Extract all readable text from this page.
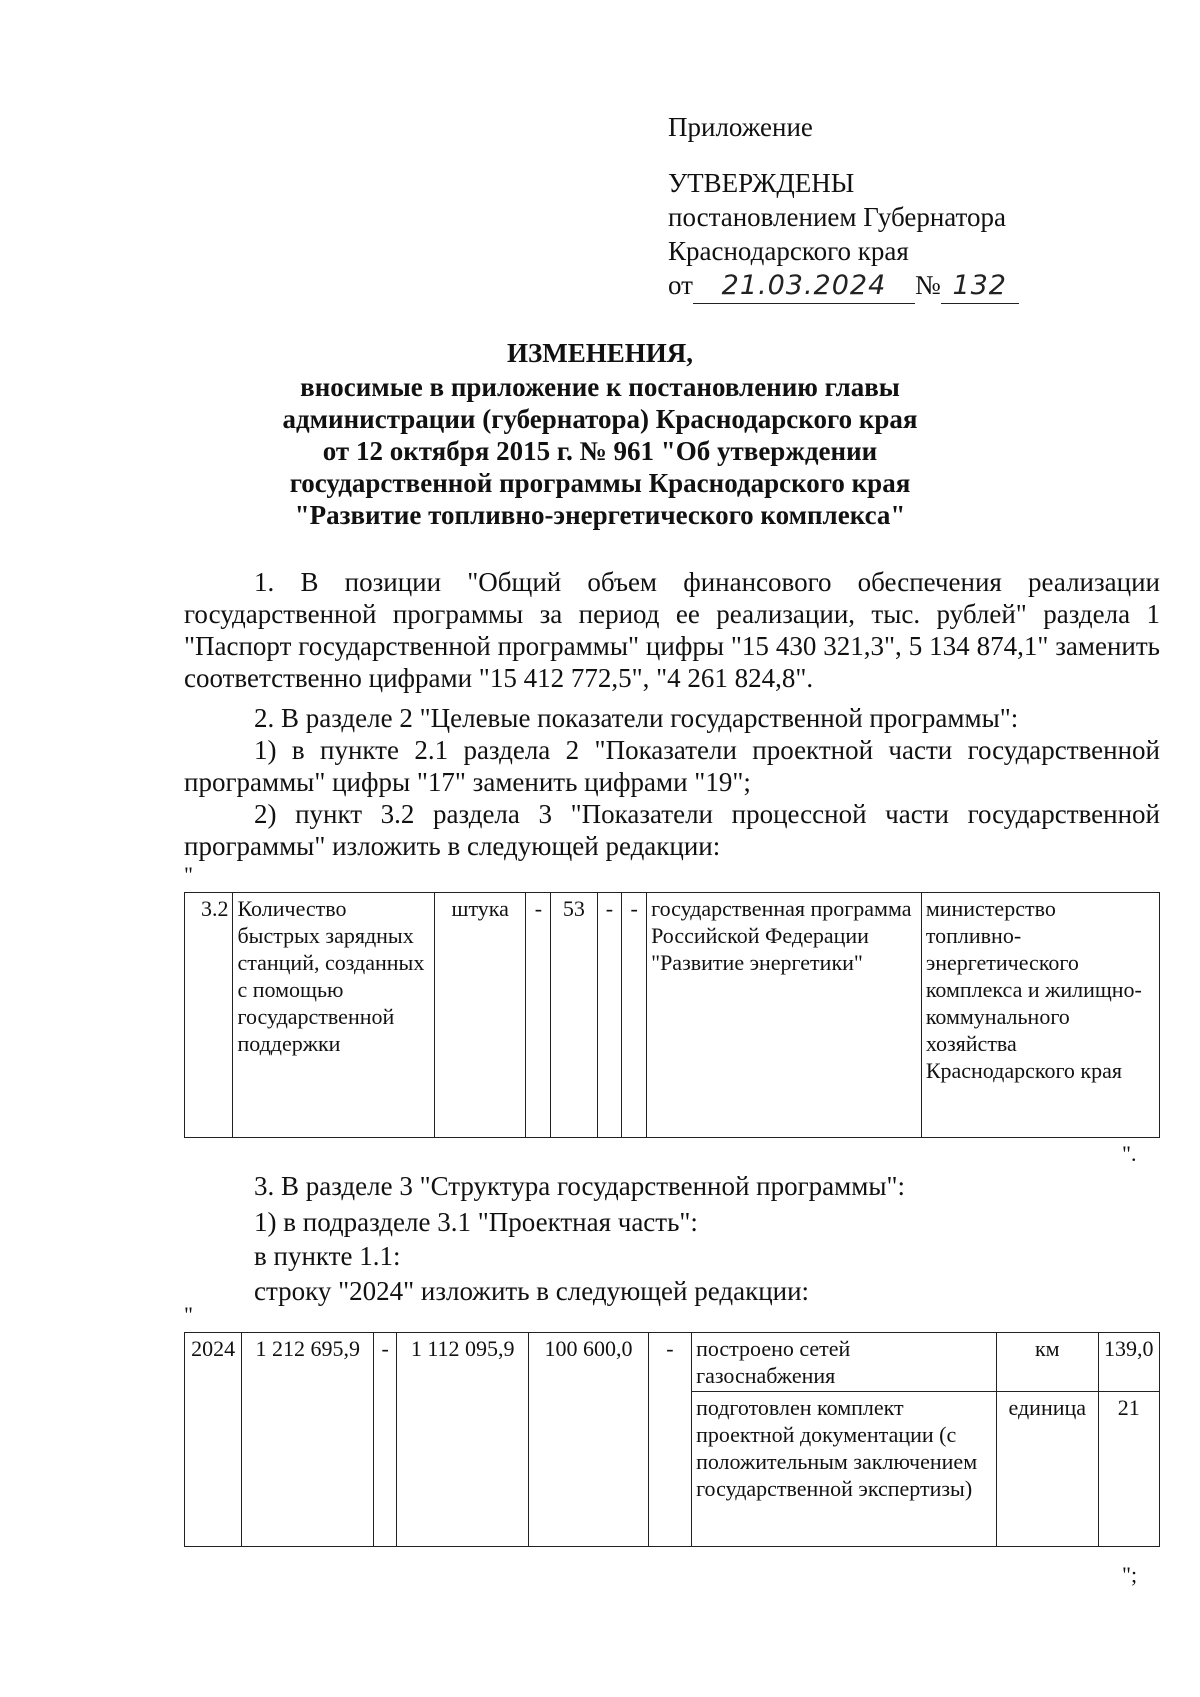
Приложение
УТВЕРЖДЕНЫ
постановлением Губернатора
Краснодарского края
от 21.03.2024 № 132
ИЗМЕНЕНИЯ,
вносимые в приложение к постановлению главы
администрации (губернатора) Краснодарского края
от 12 октября 2015 г. № 961 "Об утверждении
государственной программы Краснодарского края
"Развитие топливно-энергетического комплекса"
1. В позиции "Общий объем финансового обеспечения реализации государственной программы за период ее реализации, тыс. рублей" раздела 1 "Паспорт государственной программы" цифры "15 430 321,3", 5 134 874,1" заменить соответственно цифрами "15 412 772,5", "4 261 824,8".
2. В разделе 2 "Целевые показатели государственной программы":
1) в пункте 2.1 раздела 2 "Показатели проектной части государственной программы" цифры "17" заменить цифрами "19";
2) пункт 3.2 раздела 3 "Показатели процессной части государственной программы" изложить в следующей редакции:
"
3.2	Количество быстрых зарядных станций, созданных с помощью государственной поддержки	штука	-	53	-	-	государственная программа Российской Федерации "Развитие энергетики"	министерство топливно-энергетического комплекса и жилищно-коммунального хозяйства Краснодарского края
".
3. В разделе 3 "Структура государственной программы":
1) в подразделе 3.1 "Проектная часть":
в пункте 1.1:
строку "2024" изложить в следующей редакции:
"
2024	1 212 695,9	-	1 112 095,9	100 600,0	-	построено сетей газоснабжения	км	139,0
						подготовлен комплект проектной документации (с положительным заключением государственной экспертизы)	единица	21
";
